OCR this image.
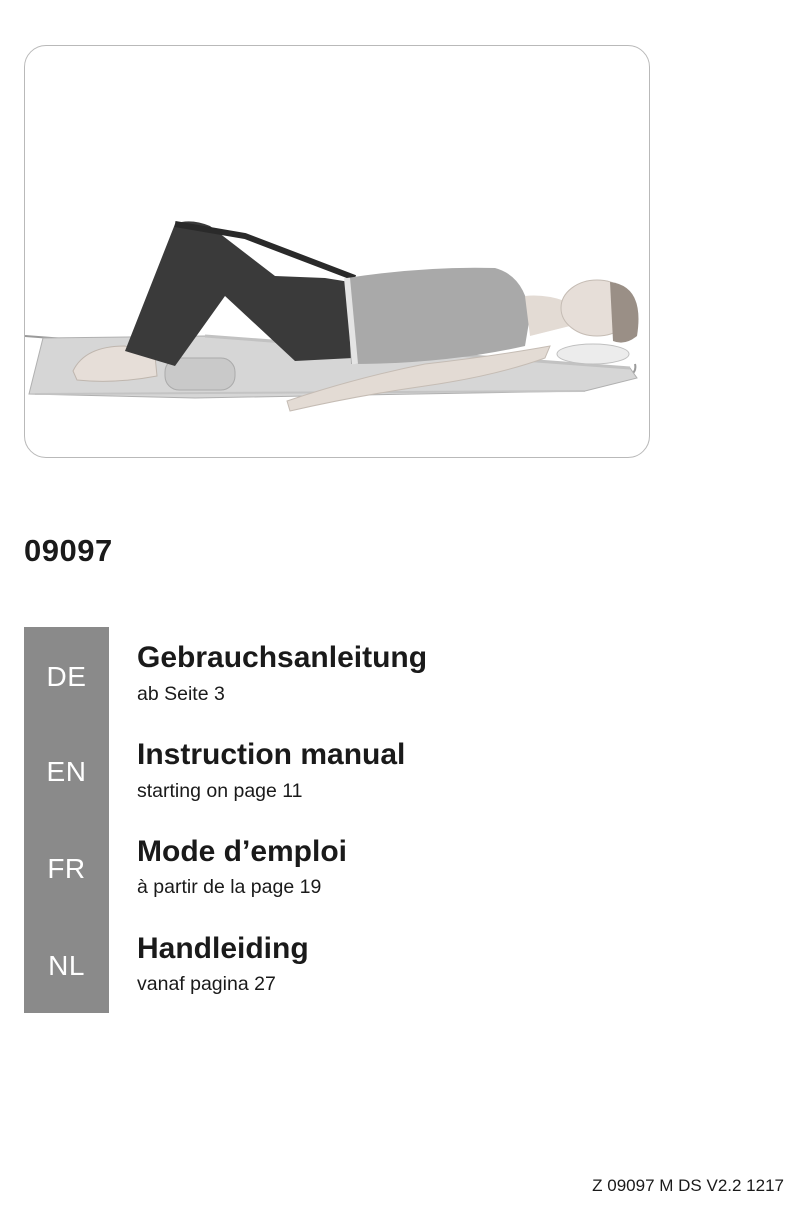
09097
DE
EN
FR
NL
Gebrauchsanleitung
ab Seite 3
Instruction manual
starting on page 11
Mode d’emploi
à partir de la page 19
Handleiding
vanaf pagina 27
Z 09097 M DS V2.2 1217
